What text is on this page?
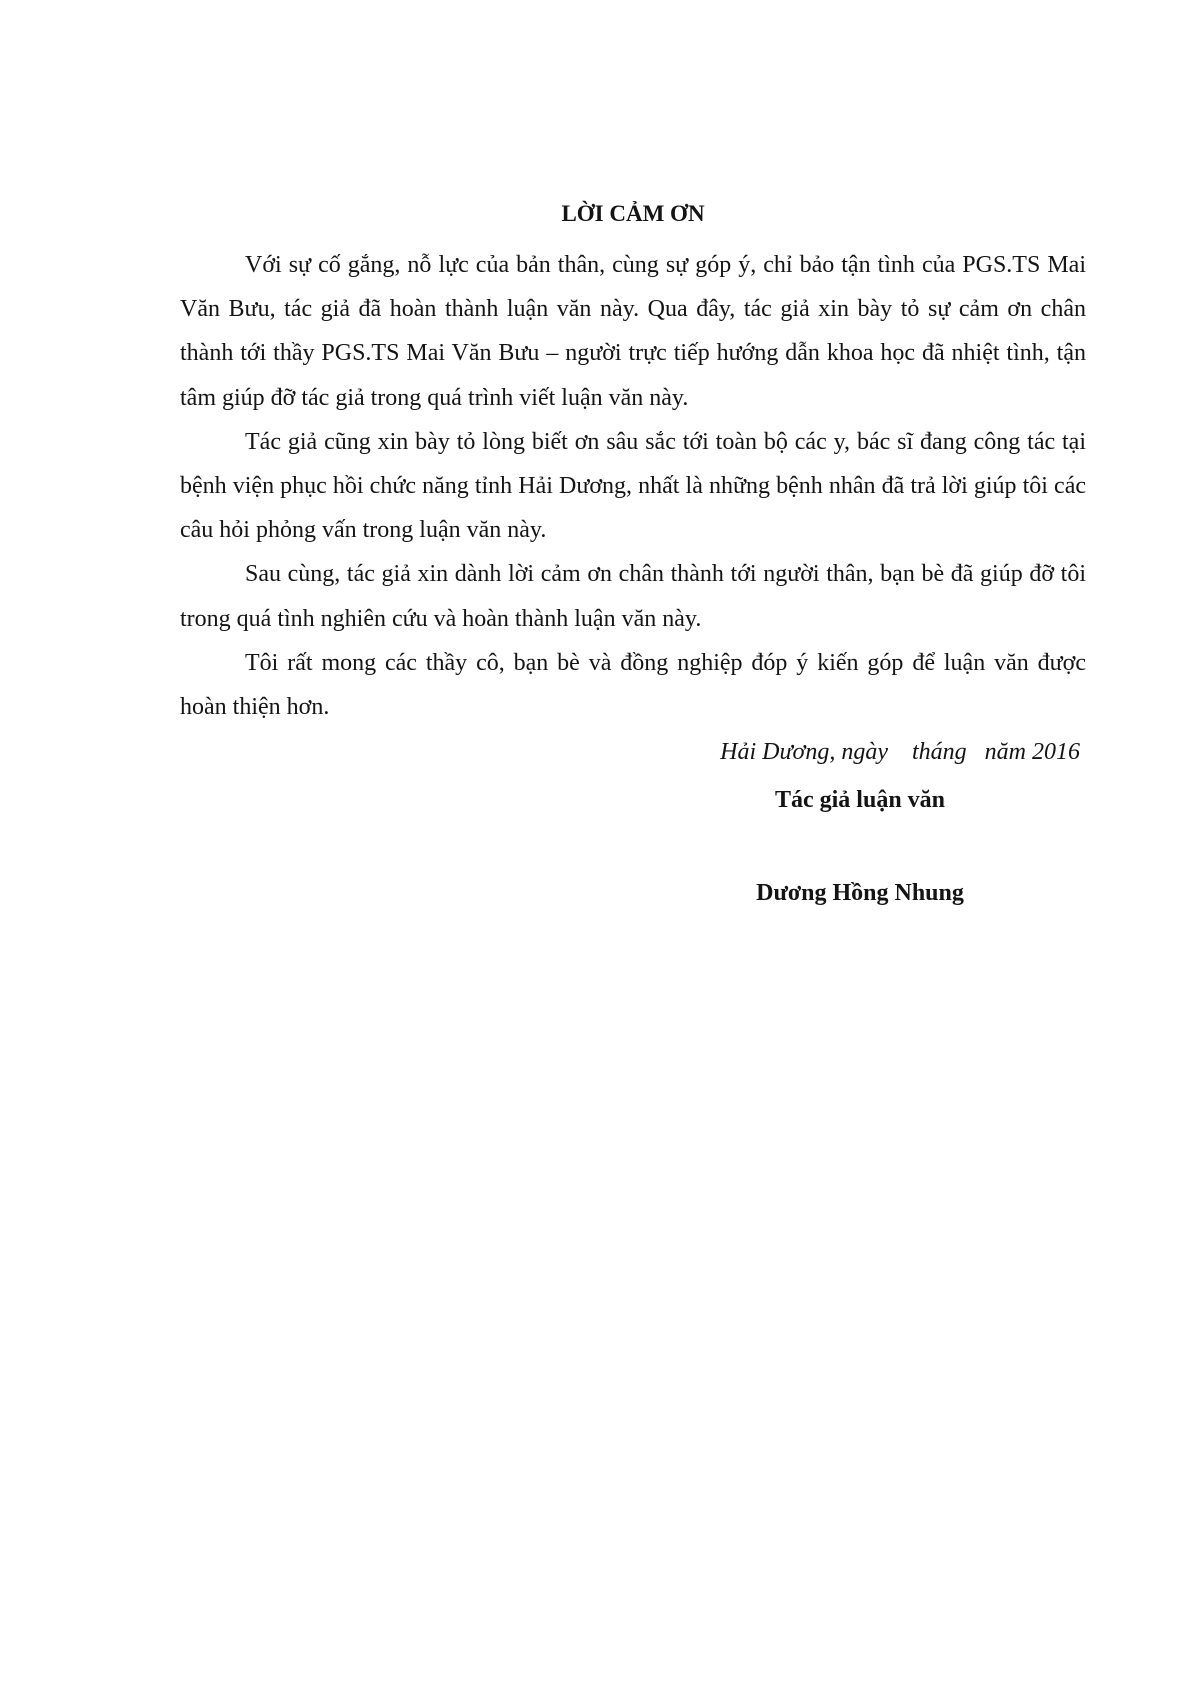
LỜI CẢM ƠN

Với sự cố gắng, nỗ lực của bản thân, cùng sự góp ý, chỉ bảo tận tình của PGS.TS Mai Văn Bưu, tác giả đã hoàn thành luận văn này. Qua đây, tác giả xin bày tỏ sự cảm ơn chân thành tới thầy PGS.TS Mai Văn Bưu – người trực tiếp hướng dẫn khoa học đã nhiệt tình, tận tâm giúp đỡ tác giả trong quá trình viết luận văn này.

Tác giả cũng xin bày tỏ lòng biết ơn sâu sắc tới toàn bộ các y, bác sĩ đang công tác tại bệnh viện phục hồi chức năng tỉnh Hải Dương, nhất là những bệnh nhân đã trả lời giúp tôi các câu hỏi phỏng vấn trong luận văn này.

Sau cùng, tác giả xin dành lời cảm ơn chân thành tới người thân, bạn bè đã giúp đỡ tôi trong quá tình nghiên cứu và hoàn thành luận văn này.

Tôi rất mong các thầy cô, bạn bè và đồng nghiệp đóp ý kiến góp để luận văn được hoàn thiện hơn.

Hải Dương, ngày    tháng   năm 2016

Tác giả luận văn

Dương Hồng Nhung
